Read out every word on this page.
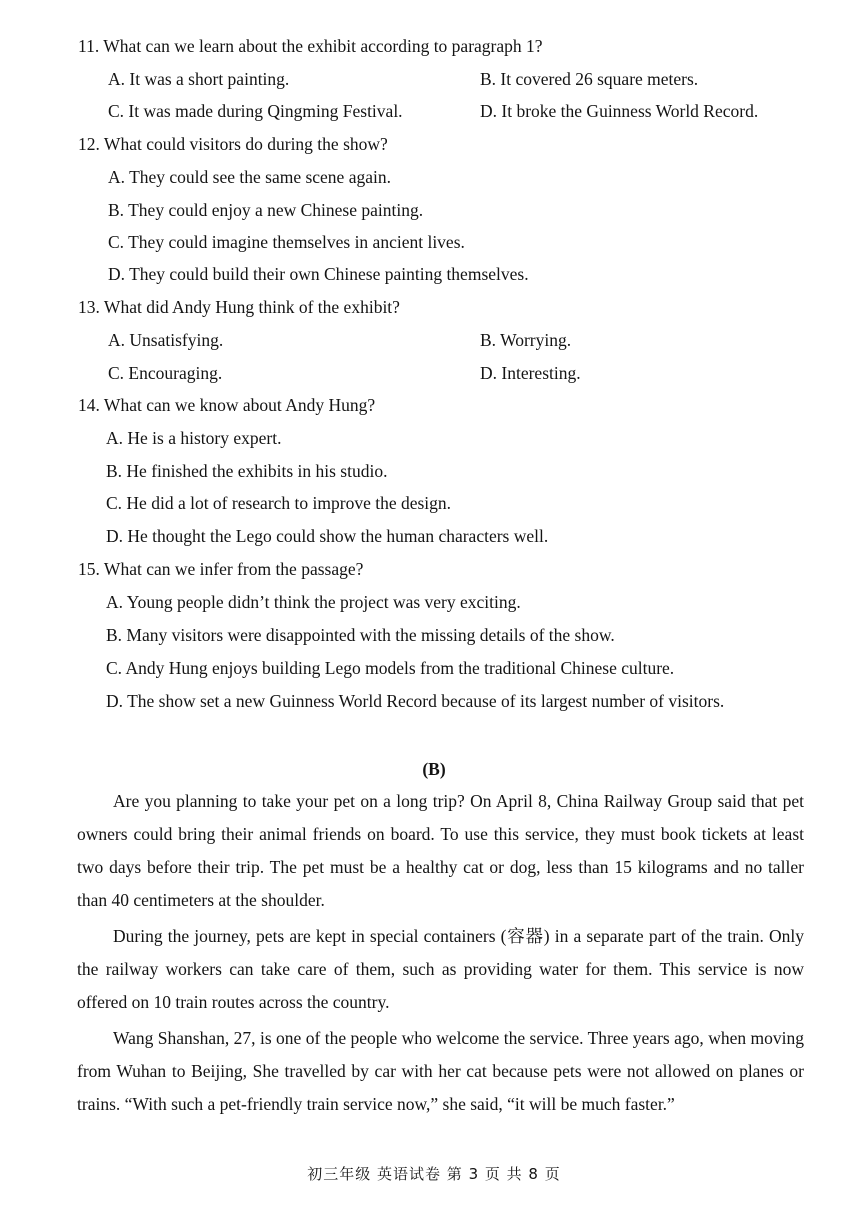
11. What can we learn about the exhibit according to paragraph 1?
A. It was a short painting.	B. It covered 26 square meters.
C. It was made during Qingming Festival.	D. It broke the Guinness World Record.
12. What could visitors do during the show?
A. They could see the same scene again.
B. They could enjoy a new Chinese painting.
C. They could imagine themselves in ancient lives.
D. They could build their own Chinese painting themselves.
13. What did Andy Hung think of the exhibit?
A. Unsatisfying.	B. Worrying.
C. Encouraging.	D. Interesting.
14. What can we know about Andy Hung?
A. He is a history expert.
B. He finished the exhibits in his studio.
C. He did a lot of research to improve the design.
D. He thought the Lego could show the human characters well.
15. What can we infer from the passage?
A. Young people didn’t think the project was very exciting.
B. Many visitors were disappointed with the missing details of the show.
C. Andy Hung enjoys building Lego models from the traditional Chinese culture.
D. The show set a new Guinness World Record because of its largest number of visitors.
(B)

Are you planning to take your pet on a long trip? On April 8, China Railway Group said that pet owners could bring their animal friends on board. To use this service, they must book tickets at least two days before their trip. The pet must be a healthy cat or dog, less than 15 kilograms and no taller than 40 centimeters at the shoulder.

During the journey, pets are kept in special containers (容器) in a separate part of the train. Only the railway workers can take care of them, such as providing water for them. This service is now offered on 10 train routes across the country.

Wang Shanshan, 27, is one of the people who welcome the service. Three years ago, when moving from Wuhan to Beijing, She travelled by car with her cat because pets were not allowed on planes or trains. “With such a pet-friendly train service now,” she said, “it will be much faster.”

初三年级 英语试卷 第 3 页 共 8 页
